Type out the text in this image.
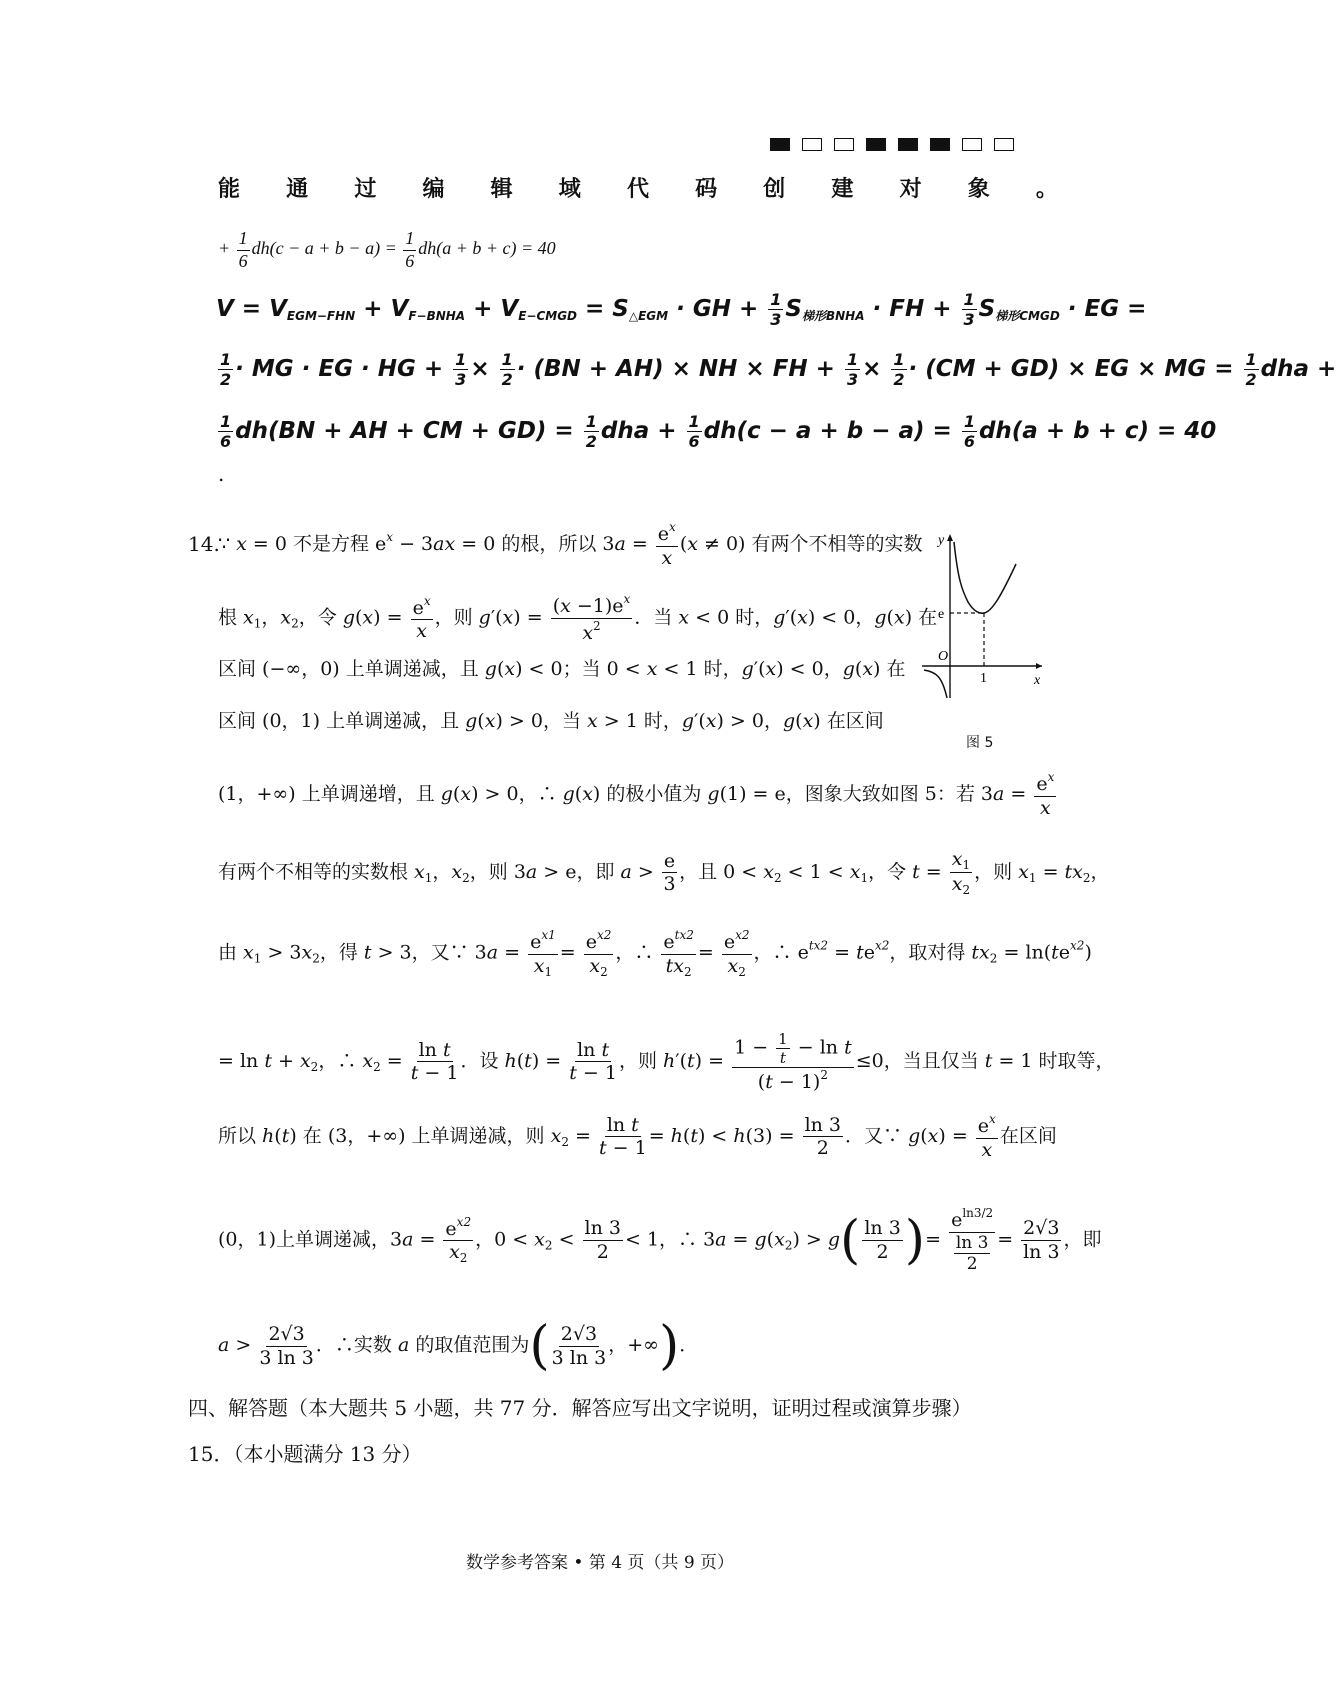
能 通 过 编 辑 域 代 码 创 建 对 象 。
+ $\frac{1}{6} dh(c - a + b - a) = \frac{1}{6} dh(a + b + c) = 40$
$V = V_{EGM-FHN} + V_{F-BNHA} + V_{E-CMGD} = S_{\triangle EGM}$ · GH + $\frac{1}{3} S_{梯形BNHA}$ · FH + $\frac{1}{3} S_{梯形CMGD}$ · EG =
$\frac{1}{2}$ · MG · EG · HG + $\frac{1}{3} \times \frac{1}{2} \cdot (BN + AH)$ × NH × FH + $\frac{1}{3} \times \frac{1}{2} \cdot (CM + GD)$ × EG × MG = $\frac{1}{2}$ dha +
$\frac{1}{6} dh(BN$ + AH + CM + $GD) = \frac{1}{2}$ dha + $\frac{1}{6} dh(c - a + b - a) = \frac{1}{6} dh(a + b + c) = 40$
.
14.
∵ x = 0 不是方程 $e^x - 3ax = 0$ 的根，所以 $3a = \frac{e^x}{x} (x \ne 0)$ 有两个不相等的实数
根 $x_1$，$x_2$，令 $g(x) = \frac{e^x}{x}$ ，则 $g'(x) = \frac{(x -1)e^x}{x^2}$ ．当 x < 0 时，g′(x) < 0，g(x) 在
区间 (−∞，0) 上单调递减，且 g(x) < 0；当 0 < x < 1 时，g′(x) < 0，g(x) 在
区间 (0，1) 上单调递减，且 g(x) > 0，当 x > 1 时，g′(x) > 0，g(x) 在区间
(1，+∞) 上单调递增，且 g(x) > 0，∴ g(x) 的极小值为 g(1) = e，图象大致如图 5：若 $3a = \frac{e^x}{x}$
有两个不相等的实数根 $x_1$，$x_2$，则 3a > e，即 $a > \frac{e}{3}$ ，且 $0 < x_2 < 1 < x_1$，令 $t = \frac{x_1}{x_2}$ ，则 $x_1 = tx_2$，
由 $x_1 > 3x_2$，得 t > 3，又∵ $3a = \frac{e^{x1}}{x_1} = \frac{e^{x2}}{x_2}$ ，∴ $\frac{e^{tx2}}{tx_2} = \frac{e^{x2}}{x_2}$ ，∴ $e^{tx2} = te^{x2}$，取对得 $tx_2 = \ln(te^{x2})$
= $\ln t + x_2$，∴ $x_2 = \frac{\text{ln t}}{t - 1}$ ．设 $h(t) = \frac{\text{ln t}}{t - 1}$ ，则 $h'(t) = \frac{1 - \frac{1}{t} - \ln t}{(t - 1)^2} \le 0$，当且仅当 t = 1 时取等，
所以 h(t) 在 (3，+∞) 上单调递减，则 $x_2 = \frac{\text{ln t}}{t - 1} = h(t) < h(3) = \frac{\ln 3}{2}$ ．又∵ $g(x) = \frac{e^x}{x}$ 在区间
(0，1)上单调递减，$3a = \frac{e^{x2}}{x_2}$ ，$0 < x_2 < \frac{\ln 3}{2} < 1$，∴ $3a = g(x_2) > g( \frac{\ln 3}{2}$ )= $\frac{e^{ln3/2}}{\frac{\ln 3}{2}} = \frac{2√3}{\ln 3}$ ，即
$a > \frac{2√3}{3 \ln 3}$ ．∴实数 a 的取值范围为( $\frac{2√3}{3 \ln 3}$ ，+∞)．
y
x
O
e
1
图 5
四、解答题（本大题共 5 小题，共 77 分．解答应写出文字说明，证明过程或演算步骤）
15．（本小题满分 13 分）
数学参考答案 • 第 4 页（共 9 页）
